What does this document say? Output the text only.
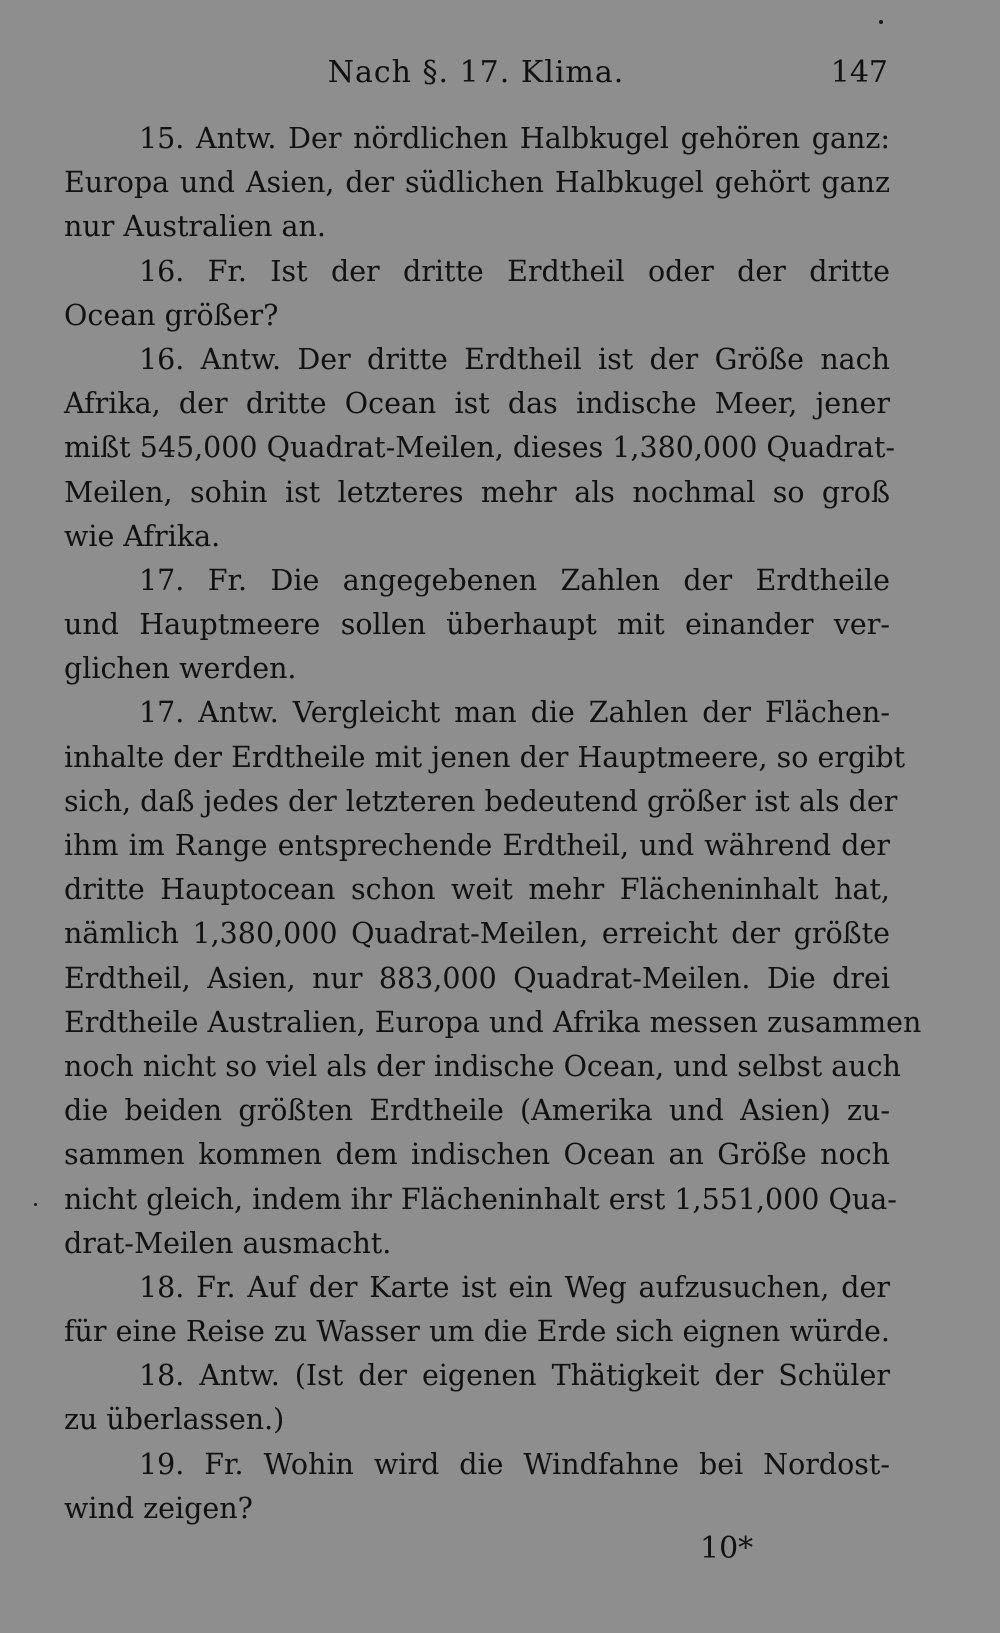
Nach §. 17. Klima.	147
15. Antw. Der nördlichen Halbkugel gehören ganz:
Europa und Asien, der südlichen Halbkugel gehört ganz
nur Australien an.
16. Fr. Ist der dritte Erdtheil oder der dritte
Ocean größer?
16. Antw. Der dritte Erdtheil ist der Größe nach
Afrika, der dritte Ocean ist das indische Meer, jener
mißt 545,000 Quadrat-Meilen, dieses 1,380,000 Quadrat-
Meilen, sohin ist letzteres mehr als nochmal so groß
wie Afrika.
17. Fr. Die angegebenen Zahlen der Erdtheile
und Hauptmeere sollen überhaupt mit einander ver-
glichen werden.
17. Antw. Vergleicht man die Zahlen der Flächen-
inhalte der Erdtheile mit jenen der Hauptmeere, so ergibt
sich, daß jedes der letzteren bedeutend größer ist als der
ihm im Range entsprechende Erdtheil, und während der
dritte Hauptocean schon weit mehr Flächeninhalt hat,
nämlich 1,380,000 Quadrat-Meilen, erreicht der größte
Erdtheil, Asien, nur 883,000 Quadrat-Meilen. Die drei
Erdtheile Australien, Europa und Afrika messen zusammen
noch nicht so viel als der indische Ocean, und selbst auch
die beiden größten Erdtheile (Amerika und Asien) zu-
sammen kommen dem indischen Ocean an Größe noch
nicht gleich, indem ihr Flächeninhalt erst 1,551,000 Qua-
drat-Meilen ausmacht.
18. Fr. Auf der Karte ist ein Weg aufzusuchen, der
für eine Reise zu Wasser um die Erde sich eignen würde.
18. Antw. (Ist der eigenen Thätigkeit der Schüler
zu überlassen.)
19. Fr. Wohin wird die Windfahne bei Nordost-
wind zeigen?
10*
